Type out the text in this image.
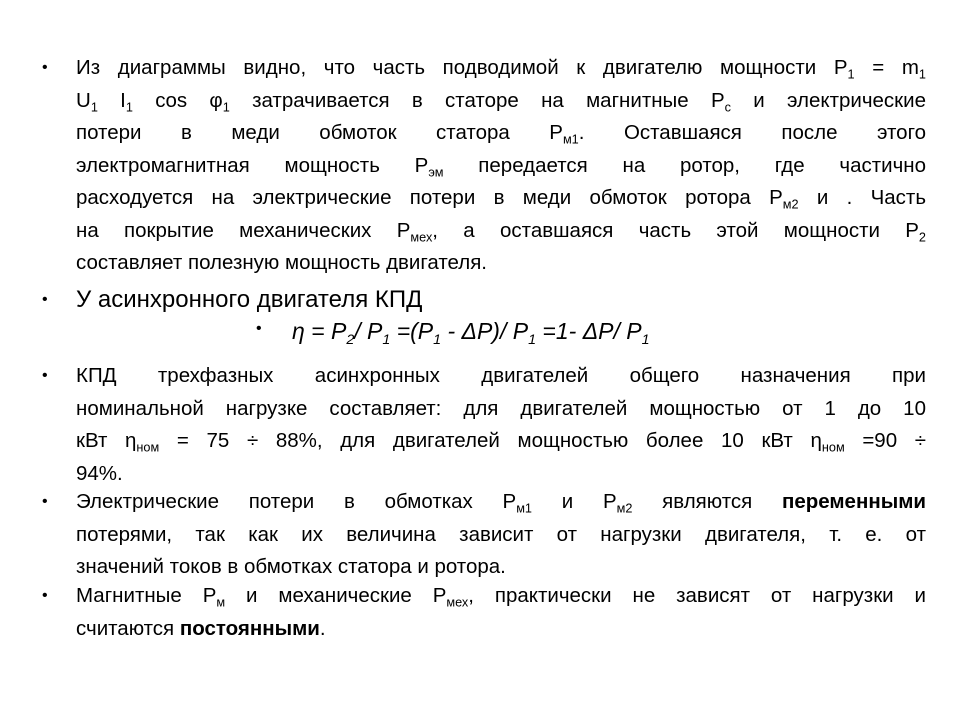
• Из диаграммы видно, что часть подводимой к двигателю мощности $P_1 = m_1$
$U_1$ $I_1$ $\cos \varphi_1$ затрачивается в статоре на магнитные $P_с$ и электрические
потери в меди обмоток статора $P_{м1}$. Оставшаяся после этого
электромагнитная мощность $P_{эм}$ передается на ротор, где частично
расходуется на электрические потери в меди обмоток ротора $P_{м2}$ и . Часть
на покрытие механических $P_{мех}$, а оставшаяся часть этой мощности $P_2$
составляет полезную мощность двигателя.
• У асинхронного двигателя КПД
• $\eta = P_2/$ $P_1 =(P_1 - \Delta P)/$ $P_1 =1-$ ΔP/ $P_1$
• КПД трехфазных асинхронных двигателей общего назначения при
номинальной нагрузке составляет: для двигателей мощностью от 1 до 10
кВт $\eta_{ном} = 75 \div 88\%$, для двигателей мощностью более 10 кВт $\eta_{ном} =90$ ÷
94%.
• Электрические потери в обмотках $P_{м1}$ и $P_{м2}$ являются переменными
потерями, так как их величина зависит от нагрузки двигателя, т. е. от
значений токов в обмотках статора и ротора.
• Магнитные $P_м$ и механические $P_{мех}$, практически не зависят от нагрузки и
считаются постоянными.
